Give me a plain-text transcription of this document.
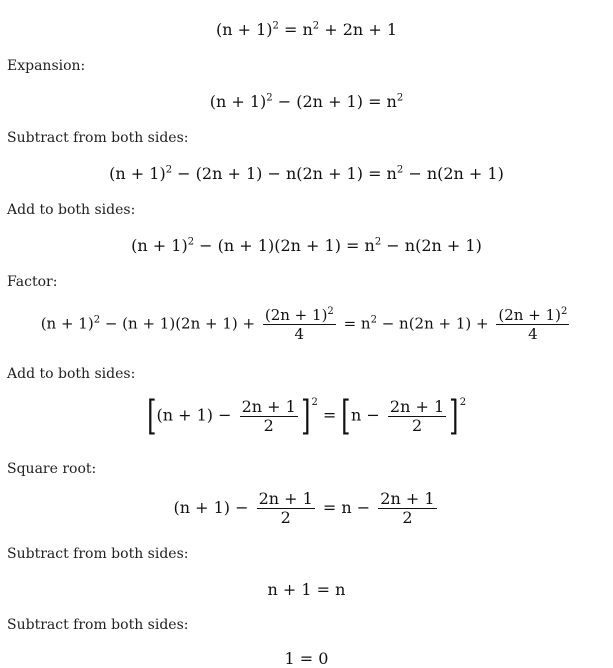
$(n + 1)^2 = n^2 + 2n + 1$
Expansion:
$(n + 1)^2 - (2n + 1) = n^2$
Subtract from both sides:
$(n + 1)^2 - (2n + 1) - n(2n + 1) = n^2 - n(2n + 1)$
Add to both sides:
$(n + 1)^2 - (n + 1)(2n + 1) = n^2 - n(2n + 1)$
Factor:
$(n + 1)^2 - (n + 1)(2n + 1) + \frac{(2n + 1)^2}{4} = n^2 - n(2n + 1) + \frac{(2n + 1)^2}{4}$
Add to both sides:
$[(n + 1) - \frac{2n + 1}{2} ]^2 = [n - \frac{2n + 1}{2} ]^2$
Square root:
$(n + 1) - \frac{2n + 1}{2} = n - \frac{2n + 1}{2}$
Subtract from both sides:
n + 1 = n
Subtract from both sides:
1 = 0
